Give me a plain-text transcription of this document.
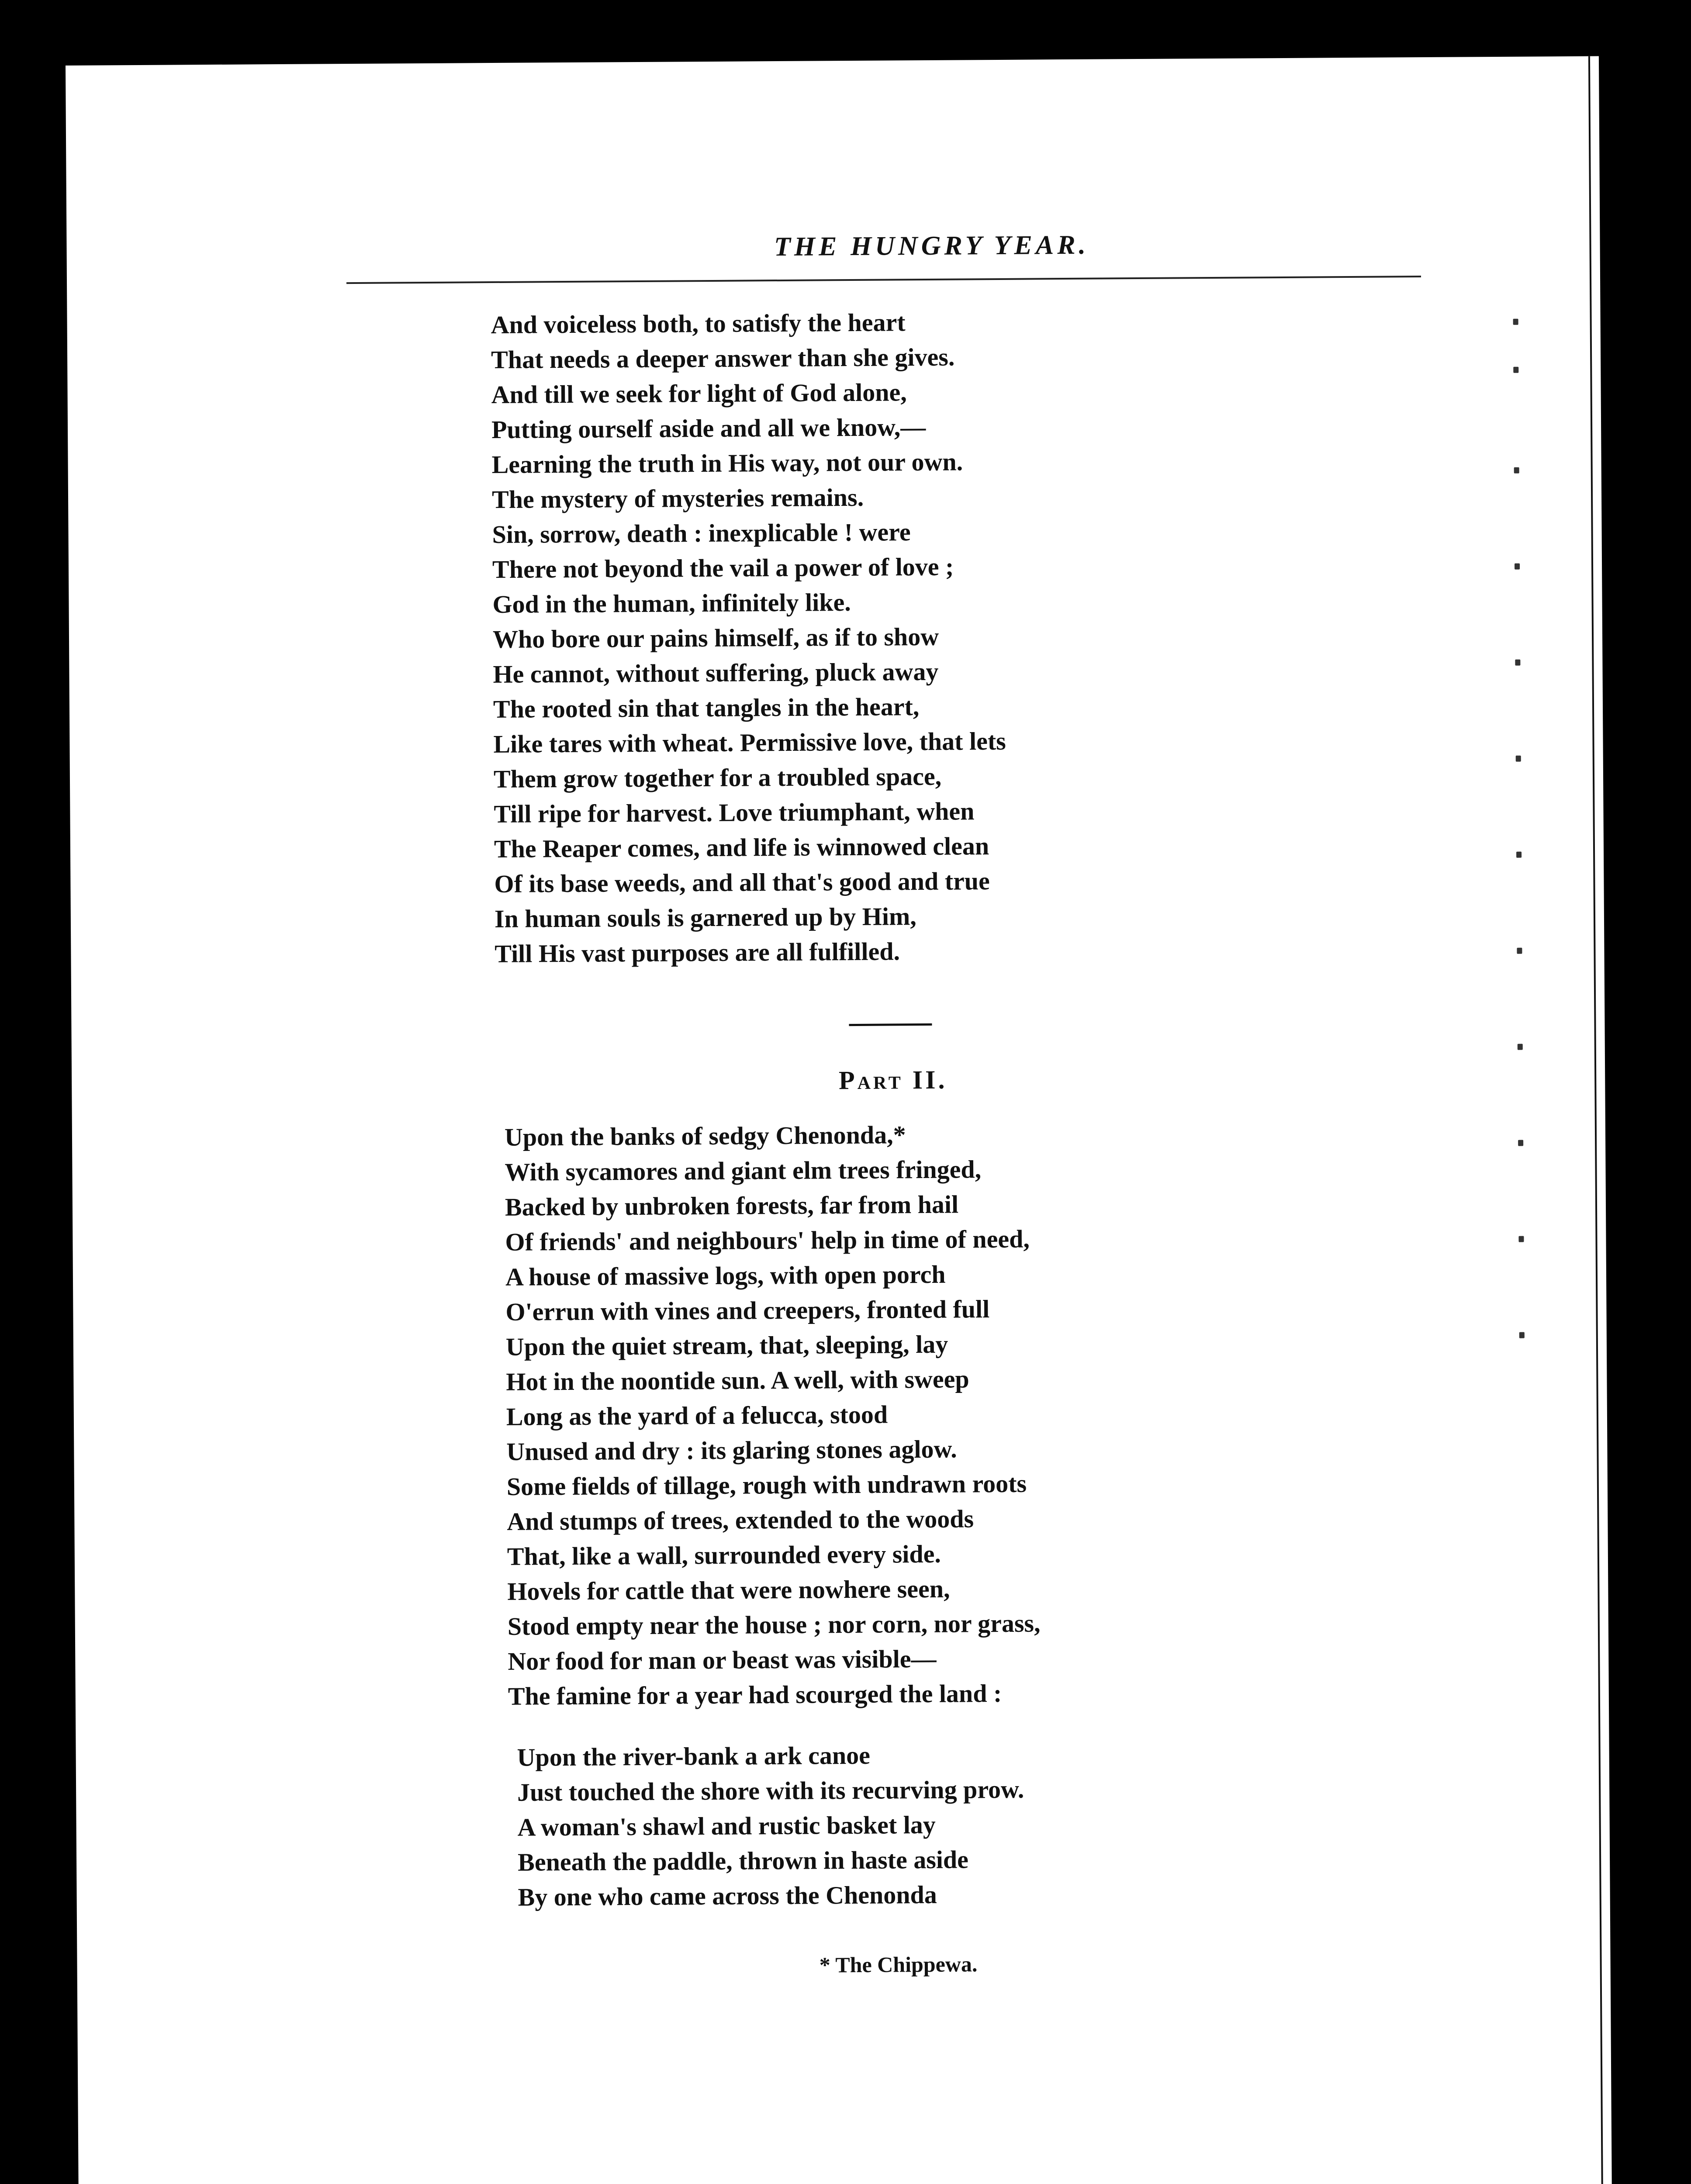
THE HUNGRY YEAR.
And voiceless both, to satisfy the heart
That needs a deeper answer than she gives.
And till we seek for light of God alone,
Putting ourself aside and all we know,—
Learning the truth in His way, not our own.
The mystery of mysteries remains.
Sin, sorrow, death : inexplicable ! were
There not beyond the vail a power of love ;
God in the human, infinitely like.
Who bore our pains himself, as if to show
He cannot, without suffering, pluck away
The rooted sin that tangles in the heart,
Like tares with wheat. Permissive love, that lets
Them grow together for a troubled space,
Till ripe for harvest. Love triumphant, when
The Reaper comes, and life is winnowed clean
Of its base weeds, and all that's good and true
In human souls is garnered up by Him,
Till His vast purposes are all fulfilled.
Part II.
Upon the banks of sedgy Chenonda,*
With sycamores and giant elm trees fringed,
Backed by unbroken forests, far from hail
Of friends' and neighbours' help in time of need,
A house of massive logs, with open porch
O'errun with vines and creepers, fronted full
Upon the quiet stream, that, sleeping, lay
Hot in the noontide sun. A well, with sweep
Long as the yard of a felucca, stood
Unused and dry : its glaring stones aglow.
Some fields of tillage, rough with undrawn roots
And stumps of trees, extended to the woods
That, like a wall, surrounded every side.
Hovels for cattle that were nowhere seen,
Stood empty near the house ; nor corn, nor grass,
Nor food for man or beast was visible—
The famine for a year had scourged the land :
Upon the river-bank a ark canoe
Just touched the shore with its recurving prow.
A woman's shawl and rustic basket lay
Beneath the paddle, thrown in haste aside
By one who came across the Chenonda
* The Chippewa.
